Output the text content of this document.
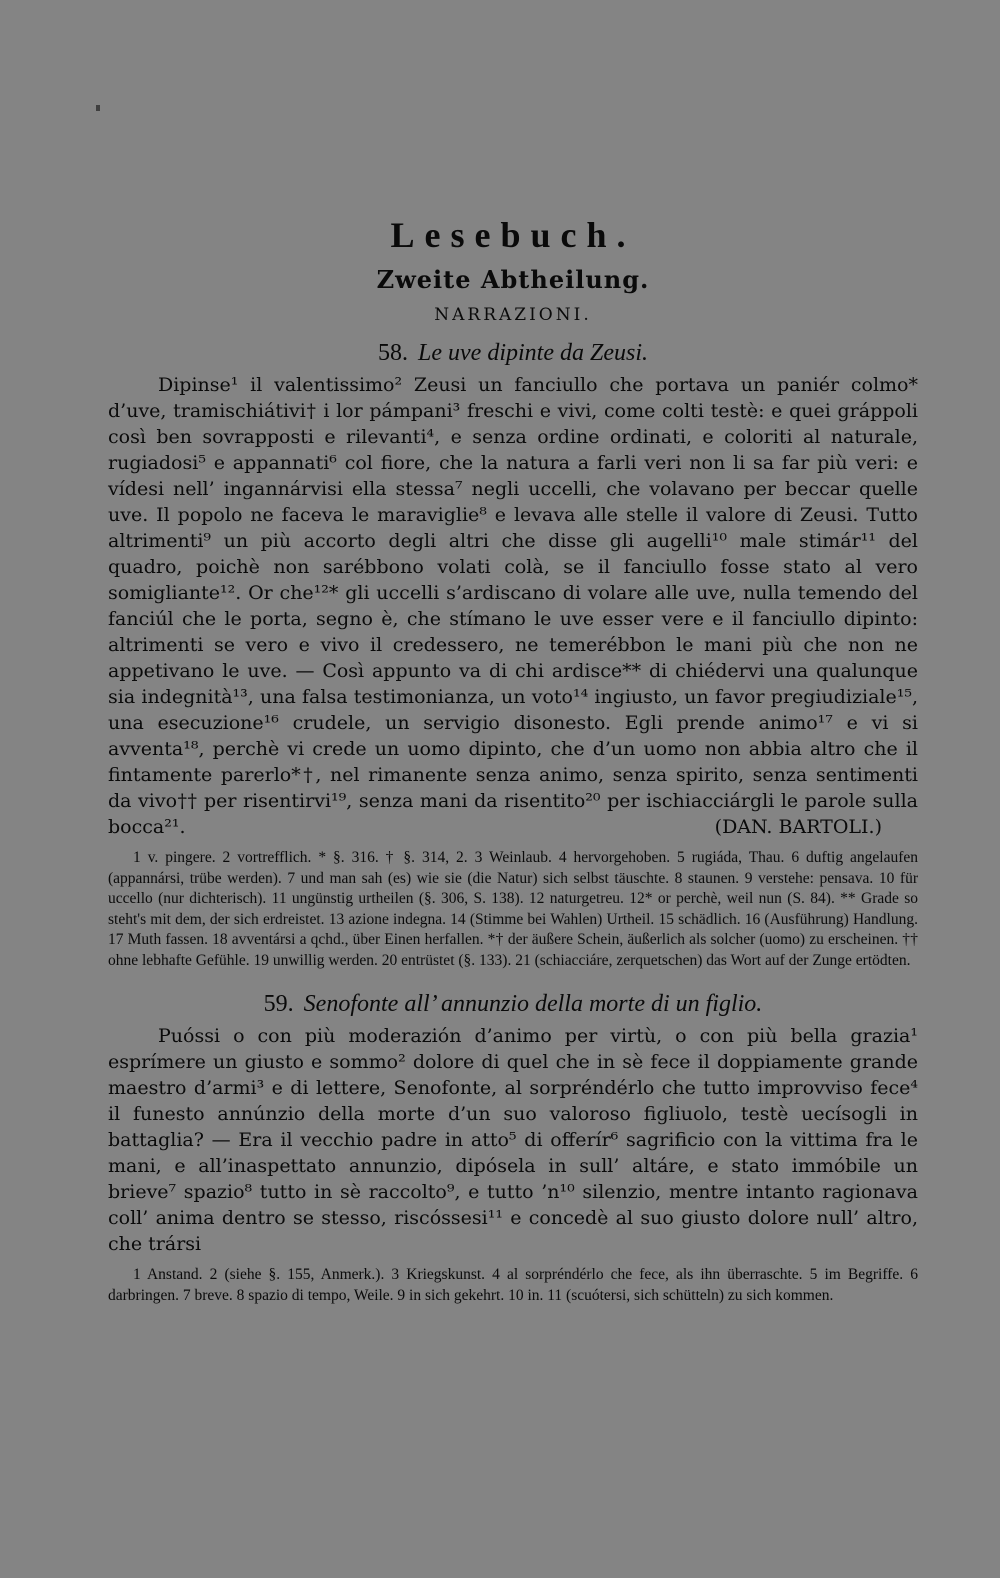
Lesebuch.
Zweite Abtheilung.
NARRAZIONI.
58. Le uve dipinte da Zeusi.

Dipinse¹ il valentissimo² Zeusi un fanciullo che portava un paniér colmo* d’uve, tramischiátivi† i lor pámpani³ freschi e vivi, come colti testè: e quei gráppoli così ben sovrapposti e rilevanti⁴, e senza ordine ordinati, e coloriti al naturale, rugiadosi⁵ e appannati⁶ col fiore, che la natura a farli veri non li sa far più veri: e vídesi nell’ ingannárvisi ella stessa⁷ negli uccelli, che volavano per beccar quelle uve. Il popolo ne faceva le maraviglie⁸ e levava alle stelle il valore di Zeusi. Tutto altrimenti⁹ un più accorto degli altri che disse gli augelli¹⁰ male stimár¹¹ del quadro, poichè non sarébbono volati colà, se il fanciullo fosse stato al vero somigliante¹². Or che¹²* gli uccelli s’ardiscano di volare alle uve, nulla temendo del fanciúl che le porta, segno è, che stímano le uve esser vere e il fanciullo dipinto: altrimenti se vero e vivo il credessero, ne temerébbon le mani più che non ne appetivano le uve. — Così appunto va di chi ardisce** di chiédervi una qualunque sia indegnità¹³, una falsa testimonianza, un voto¹⁴ ingiusto, un favor pregiudiziale¹⁵, una esecuzione¹⁶ crudele, un servigio disonesto. Egli prende animo¹⁷ e vi si avventa¹⁸, perchè vi crede un uomo dipinto, che d’un uomo non abbia altro che il fintamente parerlo*†, nel rimanente senza animo, senza spirito, senza sentimenti da vivo†† per risentirvi¹⁹, senza mani da risentito²⁰ per ischiacciárgli le parole sulla bocca²¹.	(DAN. BARTOLI.)

1 v. pingere. 2 vortrefflich. * §. 316. † §. 314, 2. 3 Weinlaub. 4 hervorgehoben. 5 rugiáda, Thau. 6 duftig angelaufen (appannársi, trübe werden). 7 und man sah (es) wie sie (die Natur) sich selbst täuschte. 8 staunen. 9 verstehe: pensava. 10 für uccello (nur dichterisch). 11 ungünstig urtheilen (§. 306, S. 138). 12 naturgetreu. 12* or perchè, weil nun (S. 84). ** Grade so steht's mit dem, der sich erdreistet. 13 azione indegna. 14 (Stimme bei Wahlen) Urtheil. 15 schädlich. 16 (Ausführung) Handlung. 17 Muth fassen. 18 avventársi a qchd., über Einen herfallen. *† der äußere Schein, äußerlich als solcher (uomo) zu erscheinen. †† ohne lebhafte Gefühle. 19 unwillig werden. 20 entrüstet (§. 133). 21 (schiacciáre, zerquetschen) das Wort auf der Zunge ertödten.
59. Senofonte all’ annunzio della morte di un figlio.

Puóssi o con più moderazión d’animo per virtù, o con più bella grazia¹ esprímere un giusto e sommo² dolore di quel che in sè fece il doppiamente grande maestro d’armi³ e di lettere, Senofonte, al sorpréndérlo che tutto improvviso fece⁴ il funesto annúnzio della morte d’un suo valoroso figliuolo, testè uecísogli in battaglia? — Era il vecchio padre in atto⁵ di offerír⁶ sagrificio con la vittima fra le mani, e all’inaspettato annunzio, dipósela in sull’ altáre, e stato immóbile un brieve⁷ spazio⁸ tutto in sè raccolto⁹, e tutto ’n¹⁰ silenzio, mentre intanto ragionava coll’ anima dentro se stesso, riscóssesi¹¹ e concedè al suo giusto dolore null’ altro, che trársi

1 Anstand. 2 (siehe §. 155, Anmerk.). 3 Kriegskunst. 4 al sorpréndérlo che fece, als ihn überraschte. 5 im Begriffe. 6 darbringen. 7 breve. 8 spazio di tempo, Weile. 9 in sich gekehrt. 10 in. 11 (scuótersi, sich schütteln) zu sich kommen.
